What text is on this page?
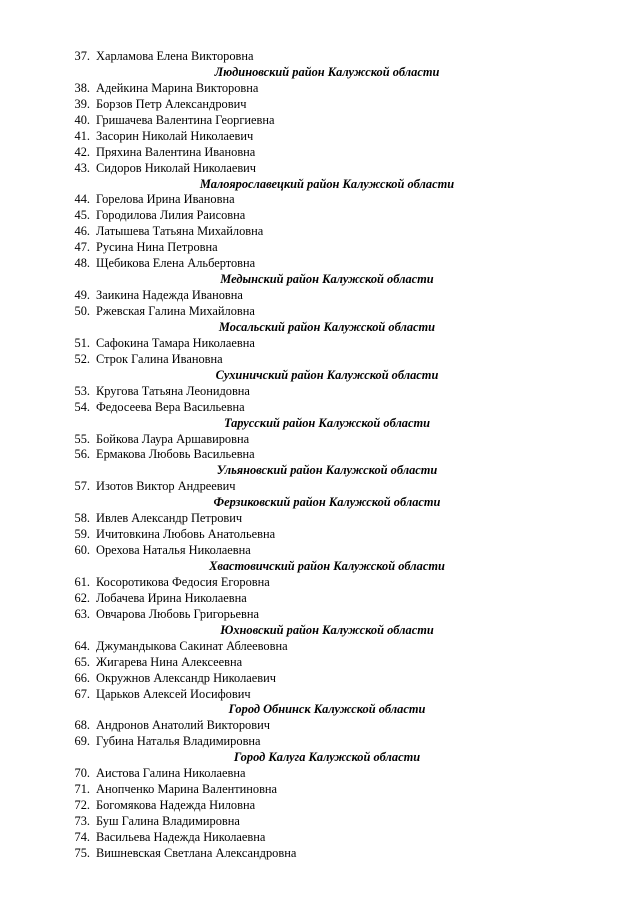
37. Харламова Елена Викторовна
Людиновский район Калужской области
38. Адейкина Марина Викторовна
39. Борзов Петр Александрович
40. Гришачева Валентина Георгиевна
41. Засорин Николай Николаевич
42. Пряхина Валентина Ивановна
43. Сидоров Николай Николаевич
Малоярославецкий район Калужской области
44. Горелова Ирина Ивановна
45. Городилова Лилия Раисовна
46. Латышева Татьяна Михайловна
47. Русина Нина Петровна
48. Щебикова Елена Альбертовна
Медынский район Калужской области
49. Заикина Надежда Ивановна
50. Ржевская Галина Михайловна
Мосальский район Калужской области
51. Сафокина Тамара Николаевна
52. Строк Галина Ивановна
Сухиничский район Калужской области
53. Кругова Татьяна Леонидовна
54. Федосеева Вера Васильевна
Тарусский район Калужской области
55. Бойкова Лаура Аршавировна
56. Ермакова Любовь Васильевна
Ульяновский район Калужской области
57. Изотов Виктор Андреевич
Ферзиковский район Калужской области
58. Ивлев Александр Петрович
59. Ичитовкина Любовь Анатольевна
60. Орехова Наталья Николаевна
Хвастовичский район Калужской области
61. Косоротикова Федосия Егоровна
62. Лобачева Ирина Николаевна
63. Овчарова Любовь Григорьевна
Юхновский район Калужской области
64. Джумандыкова Сакинат Аблеевовна
65. Жигарева Нина Алексеевна
66. Окружнов Александр Николаевич
67. Царьков Алексей Иосифович
Город Обнинск Калужской области
68. Андронов Анатолий Викторович
69. Губина Наталья Владимировна
Город Калуга Калужской области
70. Аистова Галина Николаевна
71. Анопченко Марина Валентиновна
72. Богомякова Надежда Ниловна
73. Буш Галина Владимировна
74. Васильева Надежда Николаевна
75. Вишневская Светлана Александровна
